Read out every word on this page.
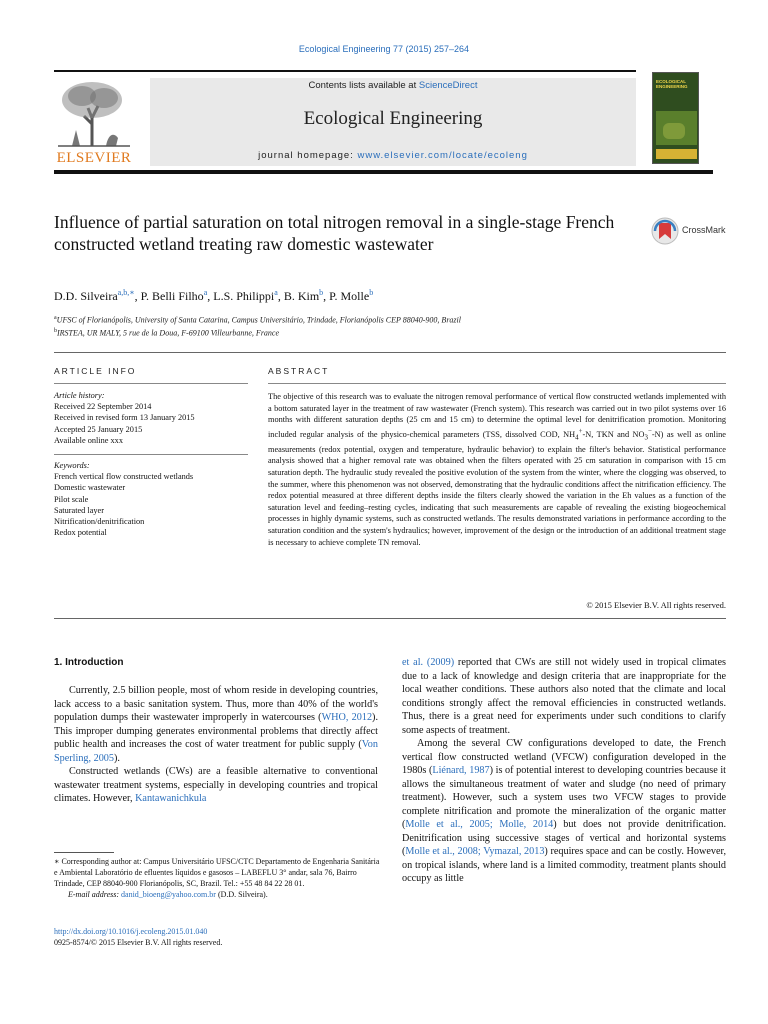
Ecological Engineering 77 (2015) 257–264
ELSEVIER
Contents lists available at ScienceDirect
Ecological Engineering
journal homepage: www.elsevier.com/locate/ecoleng
ECOLOGICAL ENGINEERING
Influence of partial saturation on total nitrogen removal in a single-stage French constructed wetland treating raw domestic wastewater
CrossMark
D.D. Silveira$^{a,b,∗}$, P. Belli Filho$^a$, L.S. Philippi$^a$, B. Kim$^b$, P. Molle$^b$
$^a$UFSC of Florianópolis, University of Santa Catarina, Campus Universitário, Trindade, Florianópolis CEP 88040-900, Brazil
$^b$IRSTEA, UR MALY, 5 rue de la Doua, F-69100 Villeurbanne, France
ARTICLE INFO	ABSTRACT
Article history:
Received 22 September 2014
Received in revised form 13 January 2015
Accepted 25 January 2015
Available online xxx
Keywords:
French vertical flow constructed wetlands
Domestic wastewater
Pilot scale
Saturated layer
Nitrification/denitrification
Redox potential
The objective of this research was to evaluate the nitrogen removal performance of vertical flow constructed wetlands implemented with a bottom saturated layer in the treatment of raw wastewater (French system). This research was carried out in two pilot systems over 16 months with different saturation depths (25 cm and 15 cm) to determine the optimal level for denitrification promotion. Monitoring included regular analysis of the physico-chemical parameters (TSS, dissolved COD, $NH_4^+-N$, TKN and $NO_3^--N$) as well as online measurements (redox potential, oxygen and temperature, hydraulic behavior) to explain the filter's behavior. Statistical performance analysis showed that a higher removal rate was obtained when the filters operated with 25 cm saturation in comparison with 15 cm saturation depth. The hydraulic study revealed the positive evolution of the system from the winter, where the clogging was observed, to the summer, where this phenomenon was not observed, demonstrating that the hydraulic conditions affect the nitrification efficiency. The redox potential measured at three different depths inside the filters clearly showed the variation in the Eh values as a function of the saturation level and feeding–resting cycles, indicating that such measurements are capable of revealing the existing biogeochemical processes in highly dynamic systems, such as constructed wetlands. The results demonstrated variations in performance according to the saturation condition and the system's hydraulics; however, improvement of the design or the introduction of an additional treatment stage is necessary to achieve complete TN removal.
© 2015 Elsevier B.V. All rights reserved.
1. Introduction

Currently, 2.5 billion people, most of whom reside in developing countries, lack access to a basic sanitation system. Thus, more than 40% of the world's population dumps their wastewater improperly in watercourses (WHO, 2012). This improper dumping generates environmental problems that directly affect public health and increases the cost of water treatment for public supply (Von Sperling, 2005).

Constructed wetlands (CWs) are a feasible alternative to conventional wastewater treatment systems, especially in developing countries and tropical climates. However, Kantawanichkula

et al. (2009) reported that CWs are still not widely used in tropical climates due to a lack of knowledge and design criteria that are inappropriate for the local weather conditions. These authors also noted that the climate and local conditions strongly affect the removal efficiencies in constructed wetlands. Thus, there is a great need for experiments under such conditions to clarify some aspects of treatment.

Among the several CW configurations developed to date, the French vertical flow constructed wetland (VFCW) configuration developed in the 1980s (Liénard, 1987) is of potential interest to developing countries because it allows the simultaneous treatment of water and sludge (no need of primary treatment). However, such a system uses two VFCW stages to provide complete nitrification and promote the mineralization of the organic matter (Molle et al., 2005; Molle, 2014) but does not provide denitrification. Denitrification using successive stages of vertical and horizontal systems (Molle et al., 2008; Vymazal, 2013) requires space and can be costly. However, on tropical islands, where land is a limited commodity, treatment plants should occupy as little

∗ Corresponding author at: Campus Universitário UFSC/CTC Departamento de Engenharia Sanitária e Ambiental Laboratório de efluentes líquidos e gasosos – LABEFLU 3° andar, sala 76, Bairro Trindade, CEP 88040-900 Florianópolis, SC, Brazil. Tel.: +55 48 84 22 28 01.
E-mail address: danid_bioeng@yahoo.com.br (D.D. Silveira).
http://dx.doi.org/10.1016/j.ecoleng.2015.01.040
0925-8574/© 2015 Elsevier B.V. All rights reserved.
